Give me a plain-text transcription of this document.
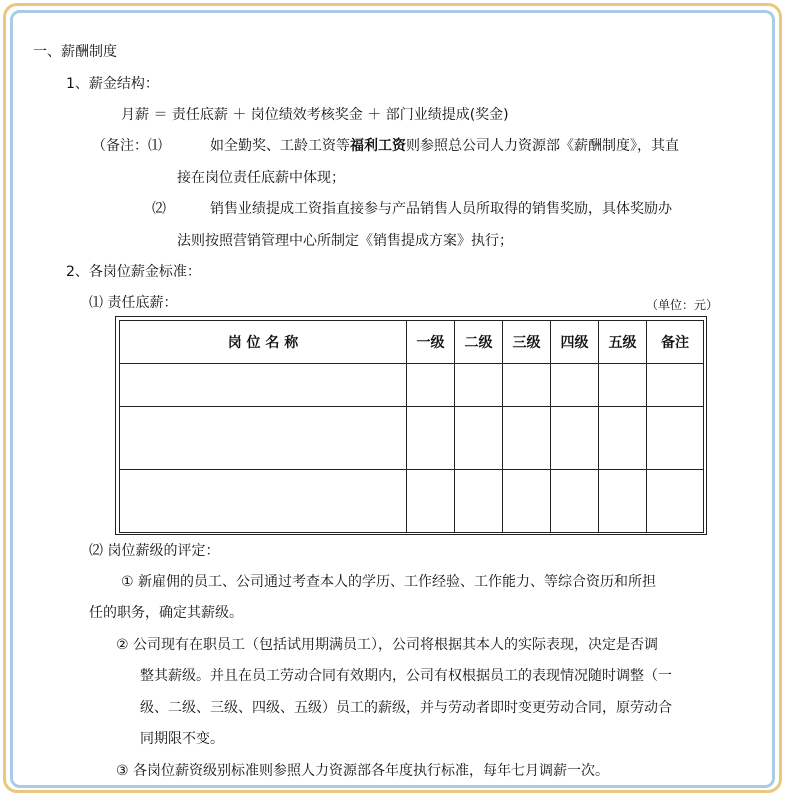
一、薪酬制度
1、薪金结构：
月薪 ＝ 责任底薪 ＋ 岗位绩效考核奖金 ＋ 部门业绩提成(奖金)
（备注：⑴	如全勤奖、工龄工资等福利工资则参照总公司人力资源部《薪酬制度》，其直
接在岗位责任底薪中体现；
⑵	销售业绩提成工资指直接参与产品销售人员所取得的销售奖励，具体奖励办
法则按照营销管理中心所制定《销售提成方案》执行；
2、各岗位薪金标准：
⑴ 责任底薪：	（单位：元）
岗 位 名 称	一级	二级	三级	四级	五级	备注

⑵ 岗位薪级的评定：
① 新雇佣的员工、公司通过考查本人的学历、工作经验、工作能力、等综合资历和所担
任的职务，确定其薪级。
② 公司现有在职员工（包括试用期满员工），公司将根据其本人的实际表现，决定是否调
整其薪级。并且在员工劳动合同有效期内，公司有权根据员工的表现情况随时调整（一
级、二级、三级、四级、五级）员工的薪级，并与劳动者即时变更劳动合同，原劳动合
同期限不变。
③ 各岗位薪资级别标准则参照人力资源部各年度执行标准，每年七月调薪一次。
